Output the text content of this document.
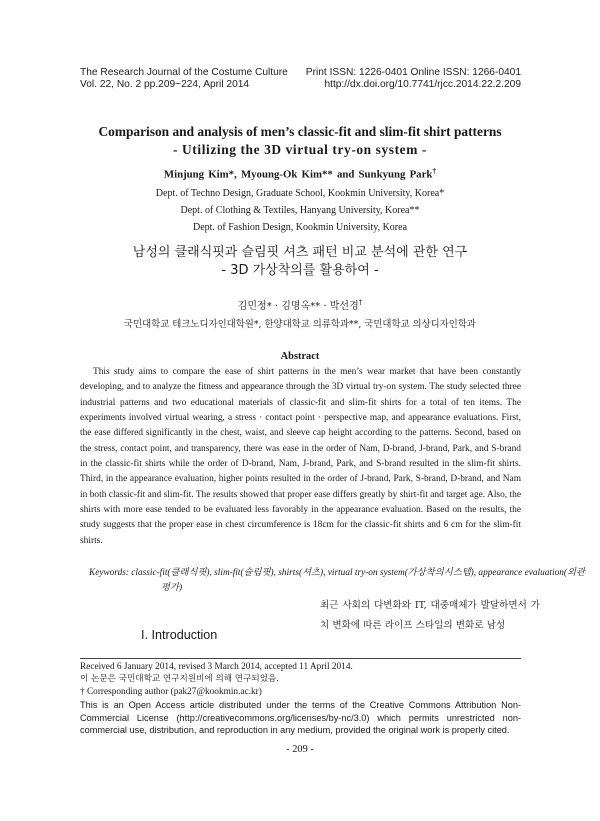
The Research Journal of the Costume Culture
Vol. 22, No. 2 pp.209~224, April 2014
Print ISSN: 1226-0401 Online ISSN: 1266-0401
http://dx.doi.org/10.7741/rjcc.2014.22.2.209
Comparison and analysis of men’s classic-fit and slim-fit shirt patterns
- Utilizing the 3D virtual try-on system -
Minjung Kim*, Myoung-Ok Kim** and Sunkyung Park†
Dept. of Techno Design, Graduate School, Kookmin University, Korea*
Dept. of Clothing & Textiles, Hanyang University, Korea**
Dept. of Fashion Design, Kookmin University, Korea
남성의 클래식핏과 슬림핏 셔츠 패턴 비교 분석에 관한 연구
- 3D 가상착의를 활용하여 -
김민정* · 김명옥** · 박선경†
국민대학교 테크노디자인대학원*, 한양대학교 의류학과**, 국민대학교 의상디자인학과
Abstract

This study aims to compare the ease of shirt patterns in the men’s wear market that have been constantly developing, and to analyze the fitness and appearance through the 3D virtual try-on system. The study selected three industrial patterns and two educational materials of classic-fit and slim-fit shirts for a total of ten items. The experiments involved virtual wearing, a stress · contact point · perspective map, and appearance evaluations. First, the ease differed significantly in the chest, waist, and sleeve cap height according to the patterns. Second, based on the stress, contact point, and transparency, there was ease in the order of Nam, D-brand, J-brand, Park, and S-brand in the classic-fit shirts while the order of D-brand, Nam, J-brand, Park, and S-brand resulted in the slim-fit shirts. Third, in the appearance evaluation, higher points resulted in the order of J-brand, Park, S-brand, D-brand, and Nam in both classic-fit and slim-fit. The results showed that proper ease differs greatly by shirt-fit and target age. Also, the shirts with more ease tended to be evaluated less favorably in the appearance evaluation. Based on the results, the study suggests that the proper ease in chest circumference is 18cm for the classic-fit shirts and 6 cm for the slim-fit shirts.

Keywords: classic-fit(클래식핏), slim-fit(슬림핏), shirts(셔츠), virtual try-on system(가상착의시스템), appearance evaluation(외관평가)

최근 사회의 다변화와 IT, 대중매체가 발달하면서 가치 변화에 따른 라이프 스타일의 변화로 남성

I. Introduction
Received 6 January 2014, revised 3 March 2014, accepted 11 April 2014.
이 논문은 국민대학교 연구지원비에 의해 연구되었음.
† Corresponding author (pak27@kookmin.ac.kr)

This is an Open Access article distributed under the terms of the Creative Commons Attribution Non-Commercial License (http://creativecommons.org/licenses/by-nc/3.0) which permits unrestricted non-commercial use, distribution, and reproduction in any medium, provided the original work is properly cited.

- 209 -
